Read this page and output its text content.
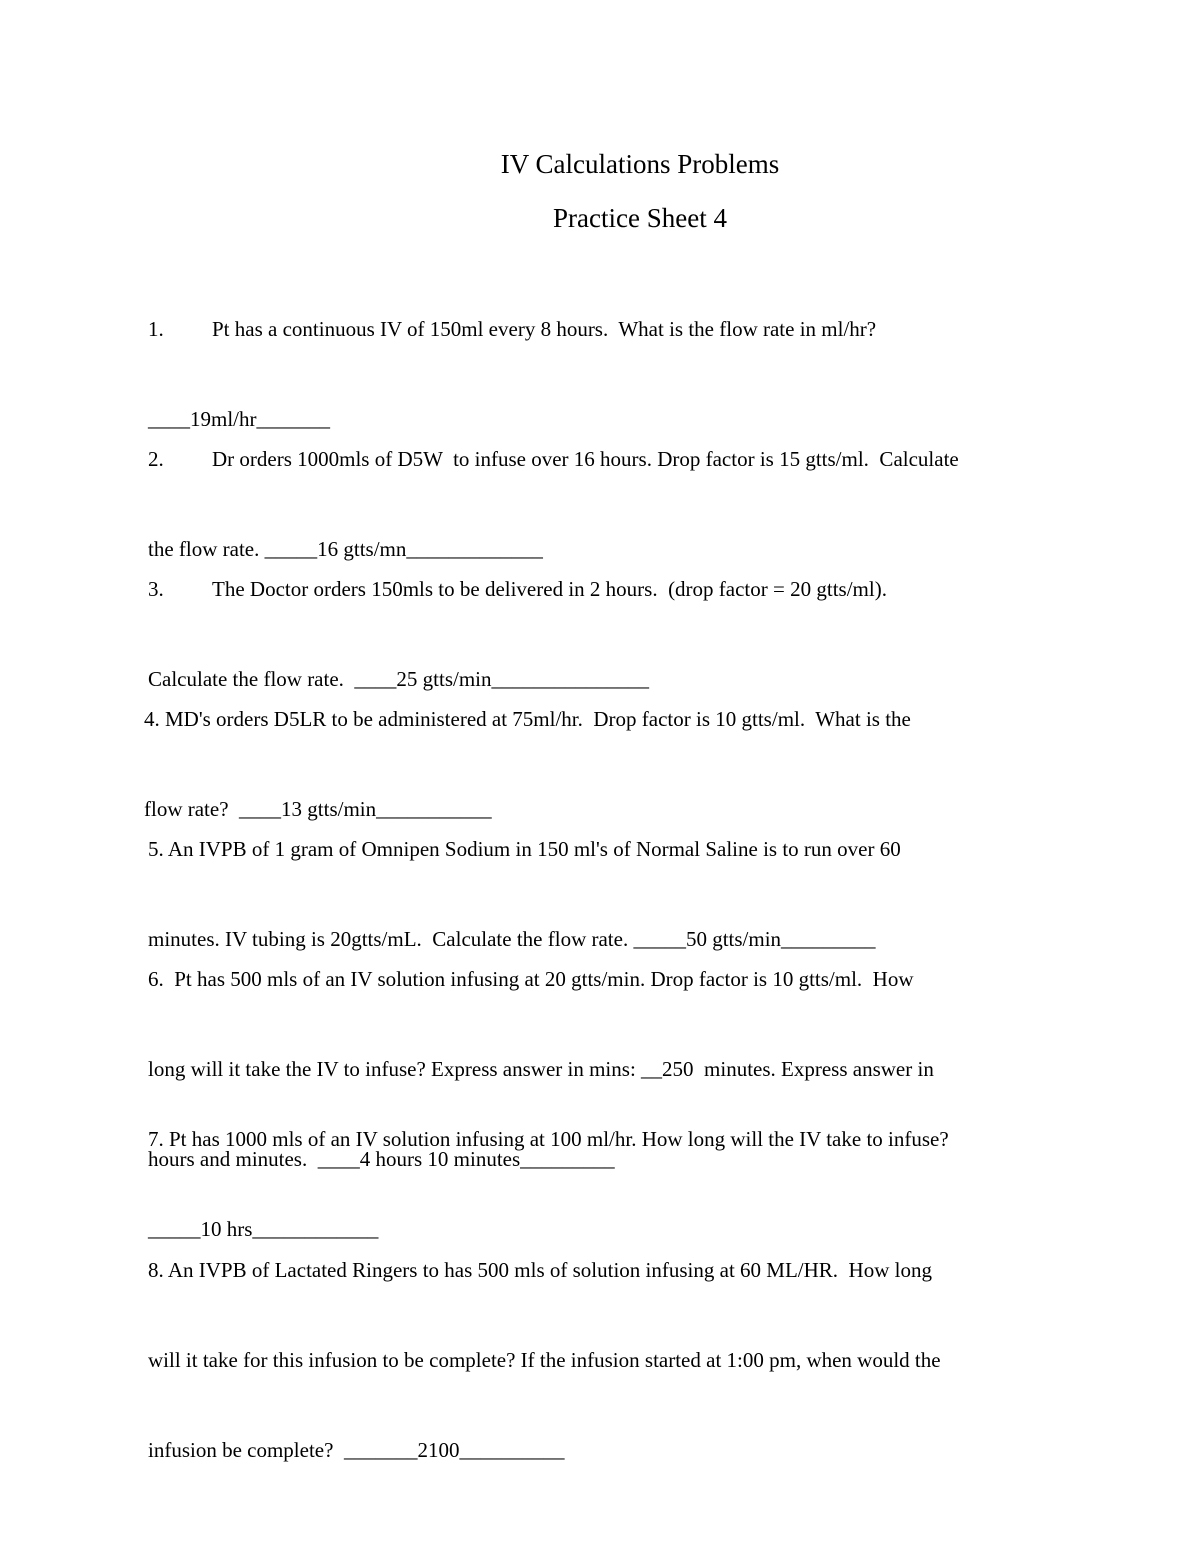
IV Calculations Problems
Practice Sheet 4

1. Pt has a continuous IV of 150ml every 8 hours.  What is the flow rate in ml/hr?

____19ml/hr_______

2. Dr orders 1000mls of D5W  to infuse over 16 hours. Drop factor is 15 gtts/ml.  Calculate

the flow rate. _____16 gtts/mn_____________

3. The Doctor orders 150mls to be delivered in 2 hours.  (drop factor = 20 gtts/ml).

Calculate the flow rate.  ____25 gtts/min_______________

4. MD's orders D5LR to be administered at 75ml/hr.  Drop factor is 10 gtts/ml.  What is the

flow rate?  ____13 gtts/min___________

5. An IVPB of 1 gram of Omnipen Sodium in 150 ml's of Normal Saline is to run over 60

minutes. IV tubing is 20gtts/mL.  Calculate the flow rate. _____50 gtts/min_________

6.  Pt has 500 mls of an IV solution infusing at 20 gtts/min. Drop factor is 10 gtts/ml.  How

long will it take the IV to infuse? Express answer in mins: __250  minutes. Express answer in

hours and minutes.  ____4 hours 10 minutes_________

7. Pt has 1000 mls of an IV solution infusing at 100 ml/hr. How long will the IV take to infuse?

_____10 hrs____________

8. An IVPB of Lactated Ringers to has 500 mls of solution infusing at 60 ML/HR.  How long

will it take for this infusion to be complete? If the infusion started at 1:00 pm, when would the

infusion be complete?  _______2100__________
